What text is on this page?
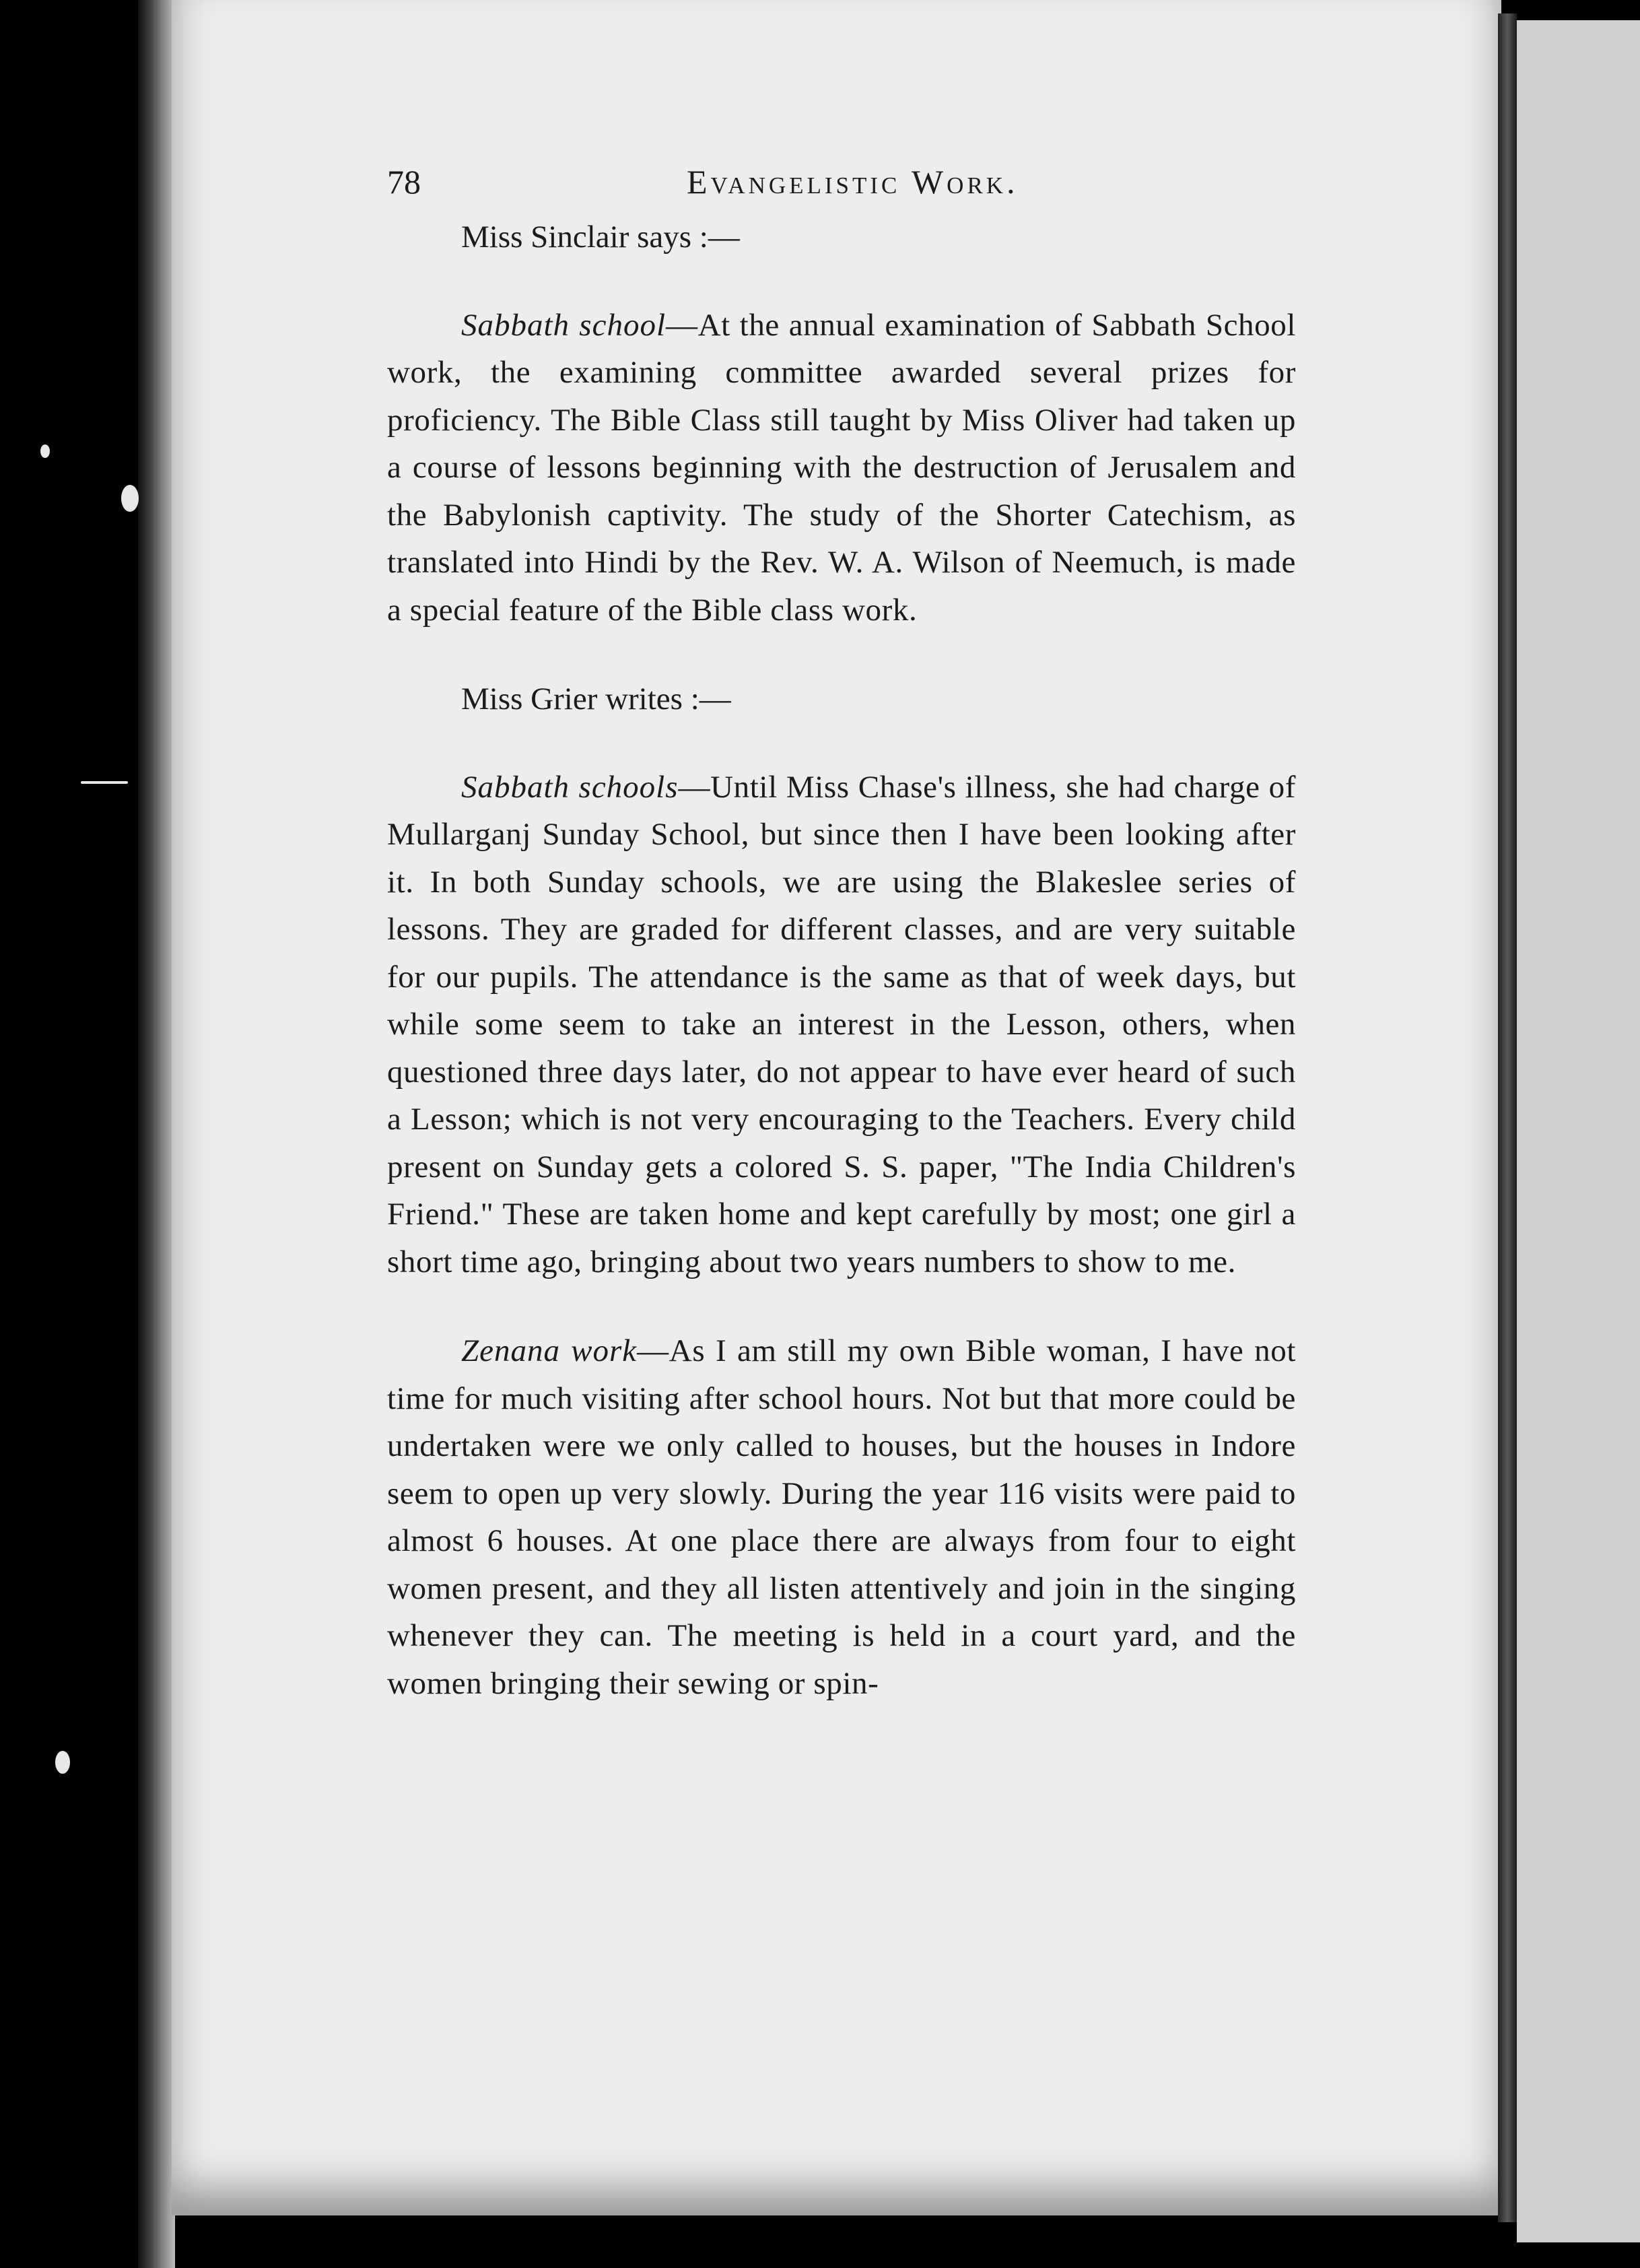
78	Evangelistic Work.

Miss Sinclair says :—

Sabbath school—At the annual examination of Sabbath School work, the examining committee awarded several prizes for proficiency. The Bible Class still taught by Miss Oliver had taken up a course of lessons beginning with the destruction of Jerusalem and the Babylonish captivity. The study of the Shorter Catechism, as translated into Hindi by the Rev. W. A. Wilson of Neemuch, is made a special feature of the Bible class work.

Miss Grier writes :—

Sabbath schools—Until Miss Chase's illness, she had charge of Mullarganj Sunday School, but since then I have been looking after it. In both Sunday schools, we are using the Blakeslee series of lessons. They are graded for different classes, and are very suitable for our pupils. The attendance is the same as that of week days, but while some seem to take an interest in the Lesson, others, when questioned three days later, do not appear to have ever heard of such a Lesson; which is not very encouraging to the Teachers. Every child present on Sunday gets a colored S. S. paper, "The India Children's Friend." These are taken home and kept carefully by most; one girl a short time ago, bringing about two years numbers to show to me.

Zenana work—As I am still my own Bible woman, I have not time for much visiting after school hours. Not but that more could be undertaken were we only called to houses, but the houses in Indore seem to open up very slowly. During the year 116 visits were paid to almost 6 houses. At one place there are always from four to eight women present, and they all listen attentively and join in the singing whenever they can. The meeting is held in a court yard, and the women bringing their sewing or spin-
